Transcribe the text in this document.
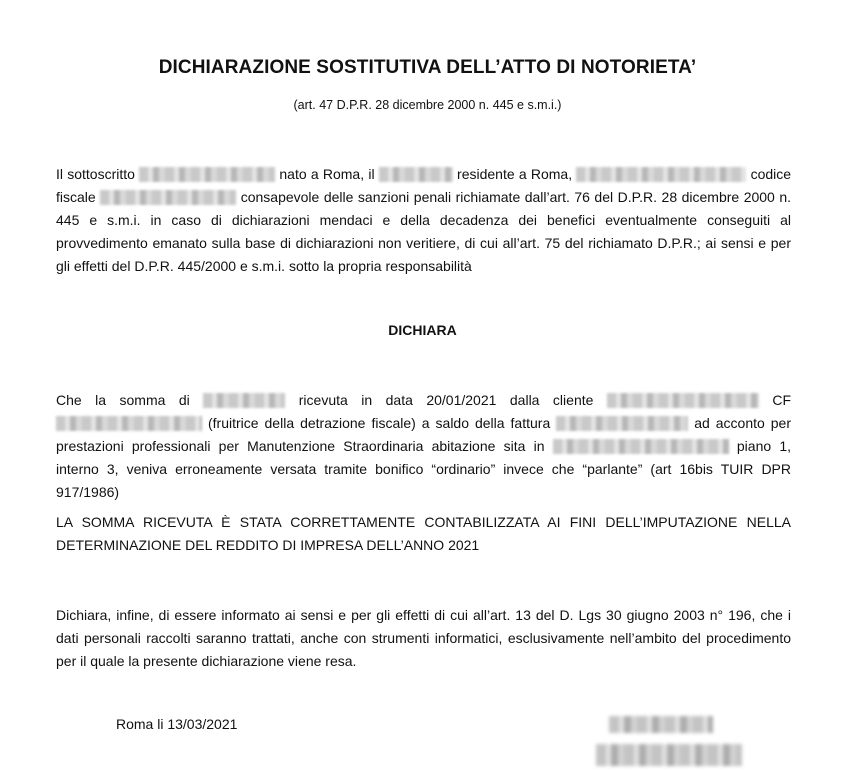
DICHIARAZIONE SOSTITUTIVA DELL’ATTO DI NOTORIETA’
(art. 47 D.P.R. 28 dicembre 2000 n. 445 e s.m.i.)
Il sottoscritto	nato a Roma, il	residente a Roma,	codice fiscale	consapevole delle sanzioni penali richiamate dall’art. 76 del D.P.R. 28 dicembre 2000 n. 445 e s.m.i. in caso di dichiarazioni mendaci e della decadenza dei benefici eventualmente conseguiti al provvedimento emanato sulla base di dichiarazioni non veritiere, di cui all’art. 75 del richiamato D.P.R.; ai sensi e per gli effetti del D.P.R. 445/2000 e s.m.i. sotto la propria responsabilità
DICHIARA
Che la somma di	ricevuta in data 20/01/2021 dalla cliente	CF  (fruitrice della detrazione fiscale) a saldo della fattura	ad acconto per prestazioni professionali per Manutenzione Straordinaria abitazione sita in	piano 1, interno 3, veniva erroneamente versata tramite bonifico “ordinario” invece che “parlante” (art 16bis TUIR DPR 917/1986)
LA SOMMA RICEVUTA È STATA CORRETTAMENTE CONTABILIZZATA AI FINI DELL’IMPUTAZIONE NELLA DETERMINAZIONE DEL REDDITO DI IMPRESA DELL’ANNO 2021
Dichiara, infine, di essere informato ai sensi e per gli effetti di cui all’art. 13 del D. Lgs 30 giugno 2003 n° 196, che i dati personali raccolti saranno trattati, anche con strumenti informatici, esclusivamente nell’ambito del procedimento per il quale la presente dichiarazione viene resa.
Roma li 13/03/2021
